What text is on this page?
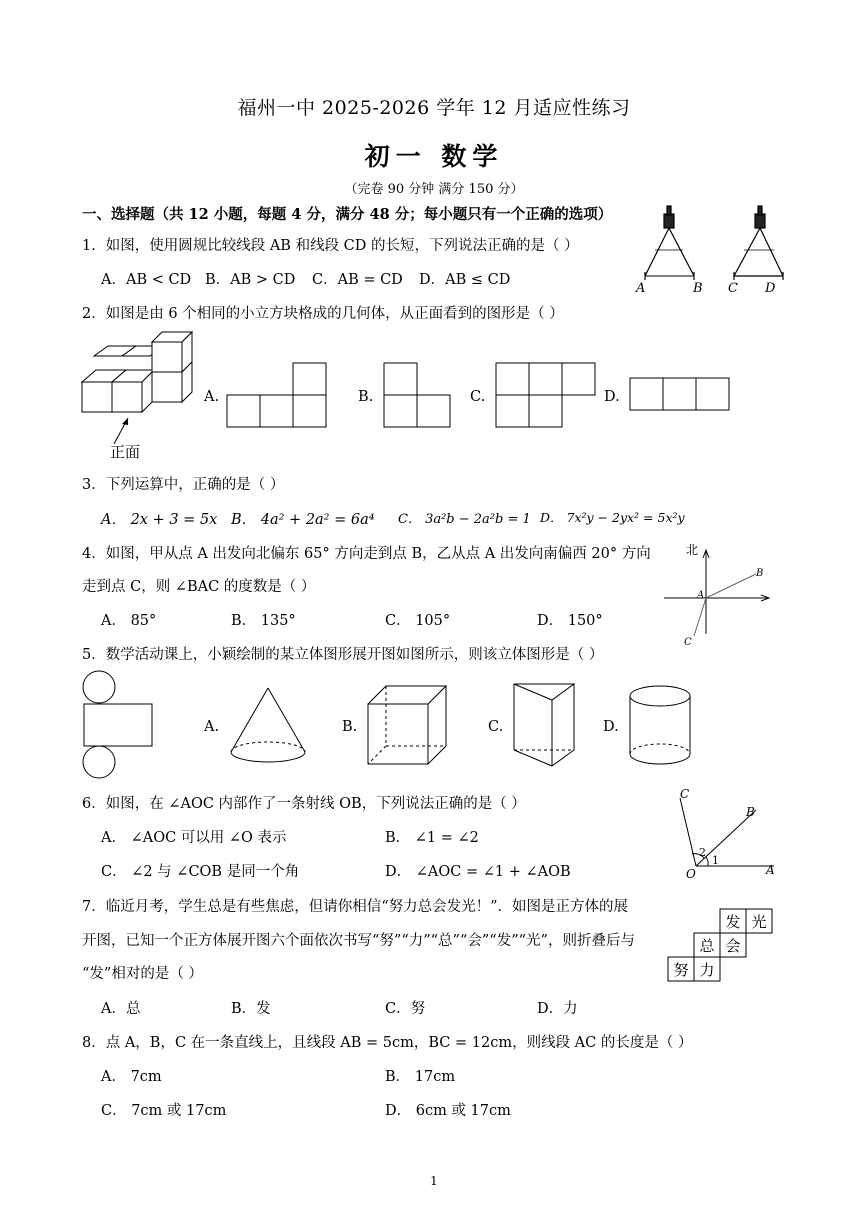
福州一中 2025-2026 学年 12 月适应性练习
初一 数学
（完卷 90 分钟 满分 150 分）
一、选择题（共 12 小题，每题 4 分，满分 48 分；每小题只有一个正确的选项）
1．如图，使用圆规比较线段 AB 和线段 CD 的长短，下列说法正确的是（ ）
A．AB < CD B．AB > CD C．AB = CD D．AB ≤ CD
A	B C D
2．如图是由 6 个相同的小立方块格成的几何体，从正面看到的图形是（ ）
正面
A.	B.	C.	D.
3．下列运算中，正确的是（ ）
A． 2x + 3 = 5x B． 4a² + 2a² = 6a⁴ C． 3a²b − 2a²b = 1 D． 7x²y − 2yx² = 5x²y
4．如图，甲从点 A 出发向北偏东 65° 方向走到点 B，乙从点 A 出发向南偏西 20° 方向
走到点 C，则 ∠BAC 的度数是（ ）
A． 85°	B． 135°	C． 105°	D． 150°
北
A
B
C
5．数学活动课上，小颖绘制的某立体图形展开图如图所示，则该立体图形是（ ）
A.	B.	C.	D.
6．如图，在 ∠AOC 内部作了一条射线 OB，下列说法正确的是（ ）
A． ∠AOC 可以用 ∠O 表示	B． ∠1 = ∠2
C． ∠2 与 ∠COB 是同一个角	D． ∠AOC = ∠1 + ∠AOB
C
B
A
O
2
1
7．临近月考，学生总是有些焦虑，但请你相信“努力总会发光！”．如图是正方体的展
开图，已知一个正方体展开图六个面依次书写“努”“力”“总”“会”“发”“光”，则折叠后与
“发”相对的是（ ）
A．总	B．发	C．努	D．力
发 光
总 会
努 力
8．点 A，B，C 在一条直线上，且线段 AB = 5cm，BC = 12cm，则线段 AC 的长度是（ ）
A． 7cm	B． 17cm
C． 7cm 或 17cm	D． 6cm 或 17cm
1
